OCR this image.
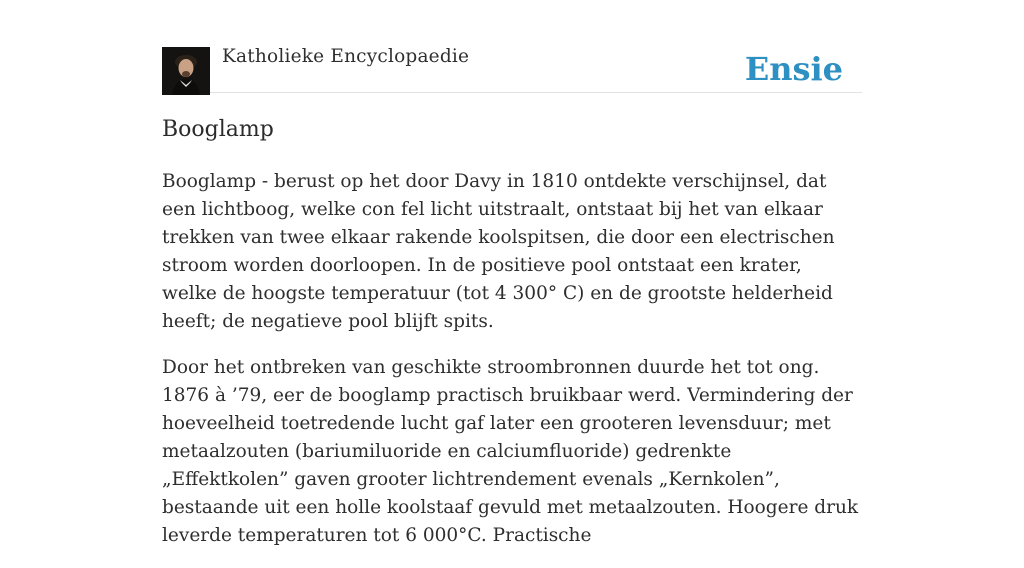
Katholieke Encyclopaedie	Ensie
Booglamp

Booglamp - berust op het door Davy in 1810 ontdekte verschijnsel, dat een lichtboog, welke con fel licht uitstraalt, ontstaat bij het van elkaar trekken van twee elkaar rakende koolspitsen, die door een electrischen stroom worden doorloopen. In de positieve pool ontstaat een krater, welke de hoogste temperatuur (tot 4 300° C) en de grootste helderheid heeft; de negatieve pool blijft spits.

Door het ontbreken van geschikte stroombronnen duurde het tot ong. 1876 à ’79, eer de booglamp practisch bruikbaar werd. Vermindering der hoeveelheid toetredende lucht gaf later een grooteren levensduur; met metaalzouten (bariumiluoride en calciumfluoride) gedrenkte „Effektkolen” gaven grooter lichtrendement evenals „Kernkolen”, bestaande uit een holle koolstaaf gevuld met metaalzouten. Hoogere druk leverde temperaturen tot 6 000°C. Practische
